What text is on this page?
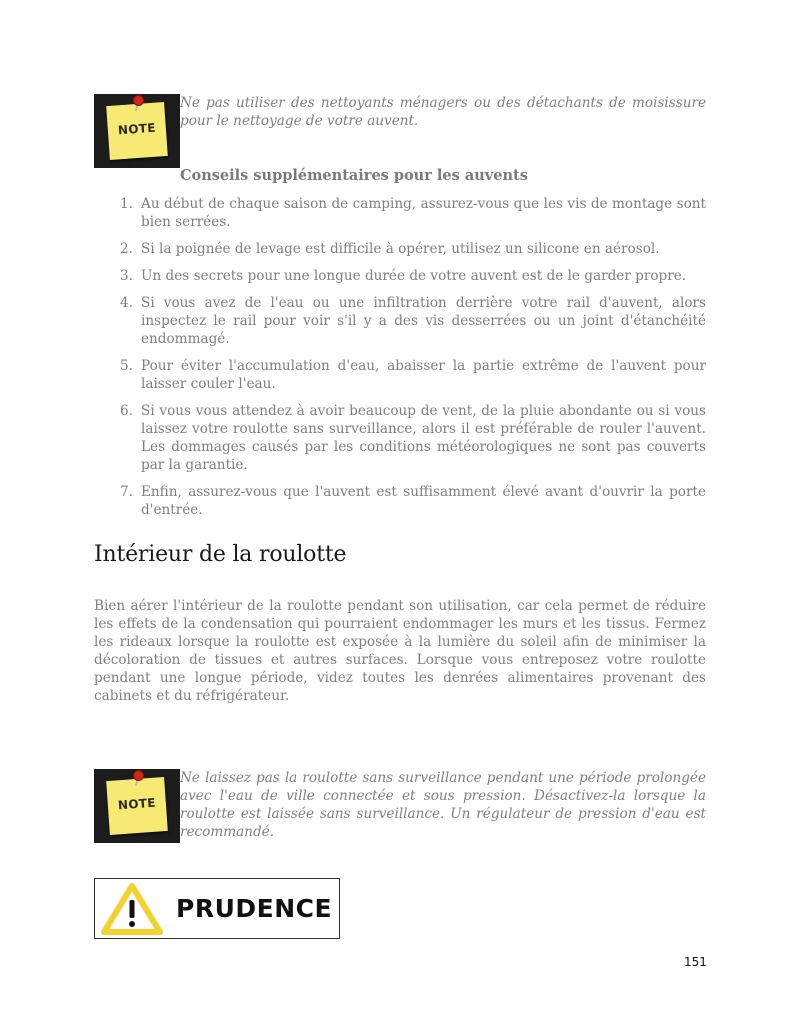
NOTE
Ne pas utiliser des nettoyants ménagers ou des détachants de moisissure pour le nettoyage de votre auvent.
Conseils supplémentaires pour les auvents
1. Au début de chaque saison de camping, assurez-vous que les vis de montage sont bien serrées.
2. Si la poignée de levage est difficile à opérer, utilisez un silicone en aérosol.
3. Un des secrets pour une longue durée de votre auvent est de le garder propre.
4. Si vous avez de l'eau ou une infiltration derrière votre rail d'auvent, alors inspectez le rail pour voir s'il y a des vis desserrées ou un joint d'étanchéité endommagé.
5. Pour éviter l'accumulation d'eau, abaisser la partie extrême de l'auvent pour laisser couler l'eau.
6. Si vous vous attendez à avoir beaucoup de vent, de la pluie abondante ou si vous laissez votre roulotte sans surveillance, alors il est préférable de rouler l'auvent. Les dommages causés par les conditions météorologiques ne sont pas couverts par la garantie.
7. Enfin, assurez-vous que l'auvent est suffisamment élevé avant d'ouvrir la porte d'entrée.
Intérieur de la roulotte
Bien aérer l'intérieur de la roulotte pendant son utilisation, car cela permet de réduire les effets de la condensation qui pourraient endommager les murs et les tissus. Fermez les rideaux lorsque la roulotte est exposée à la lumière du soleil afin de minimiser la décoloration de tissues et autres surfaces. Lorsque vous entreposez votre roulotte pendant une longue période, videz toutes les denrées alimentaires provenant des cabinets et du réfrigérateur.
NOTE
Ne laissez pas la roulotte sans surveillance pendant une période prolongée avec l'eau de ville connectée et sous pression. Désactivez-la lorsque la roulotte est laissée sans surveillance. Un régulateur de pression d'eau est recommandé.
PRUDENCE
151
